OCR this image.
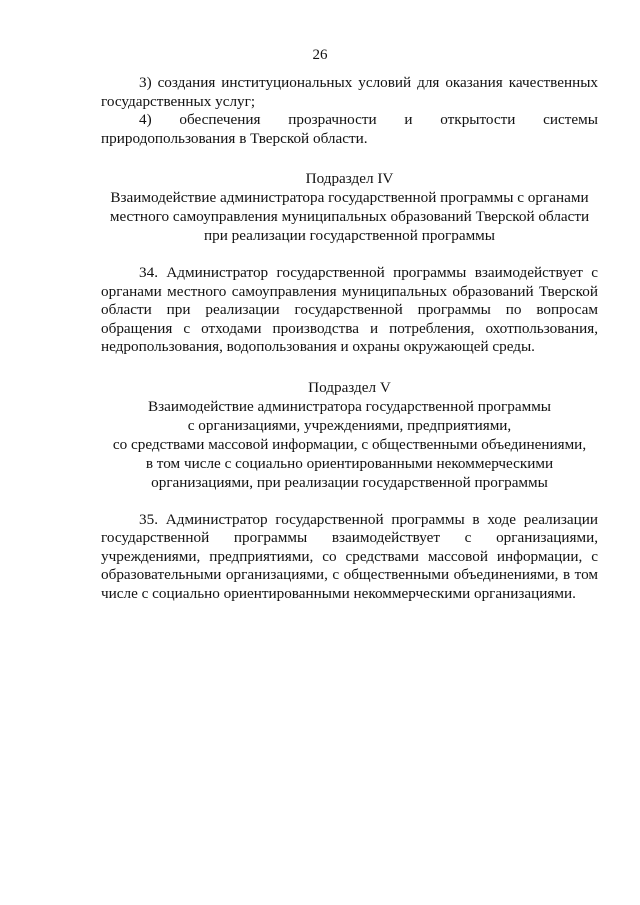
26

3) создания институциональных условий для оказания качественных государственных услуг;

4) обеспечения прозрачности и открытости системы природопользования в Тверской области.

Подраздел IV

Взаимодействие администратора государственной программы с органами

местного самоуправления муниципальных образований Тверской области

при реализации государственной программы

34. Администратор государственной программы взаимодействует с органами местного самоуправления муниципальных образований Тверской области при реализации государственной программы по вопросам обращения с отходами производства и потребления, охотпользования, недропользования, водопользования и охраны окружающей среды.

Подраздел V

Взаимодействие администратора государственной программы

с организациями, учреждениями, предприятиями,

со средствами массовой информации, с общественными объединениями,

в том числе с социально ориентированными некоммерческими

организациями, при реализации государственной программы

35. Администратор государственной программы в ходе реализации государственной программы взаимодействует с организациями, учреждениями, предприятиями, со средствами массовой информации, с образовательными организациями, с общественными объединениями, в том числе с социально ориентированными некоммерческими организациями.
